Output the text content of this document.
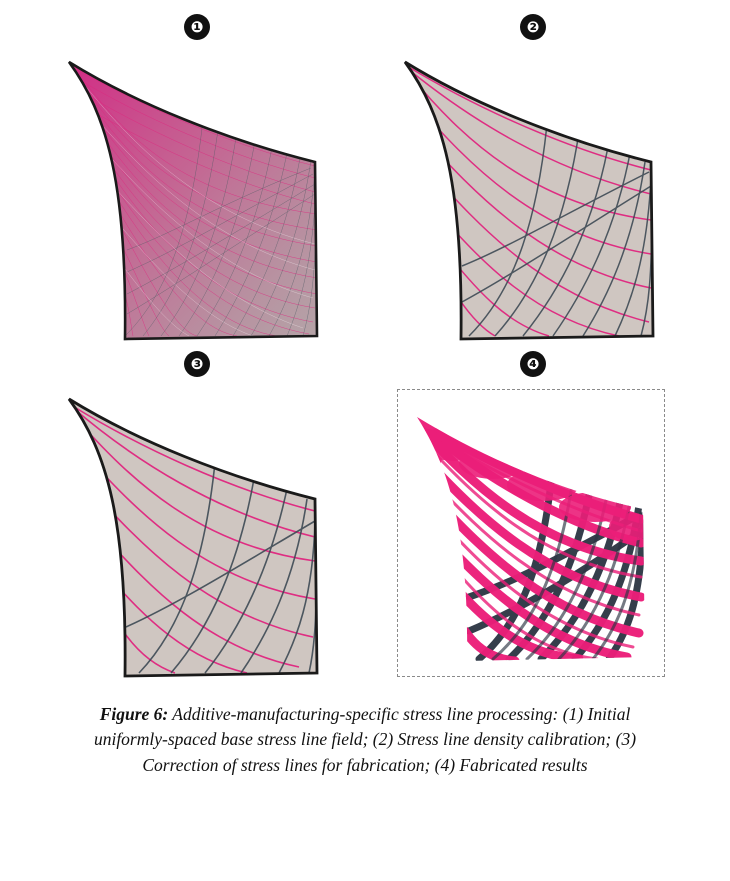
❶	❷
❸	❹
Figure 6: Additive-manufacturing-specific stress line processing: (1) Initial uniformly-spaced base stress line field; (2) Stress line density calibration; (3) Correction of stress lines for fabrication; (4) Fabricated results
